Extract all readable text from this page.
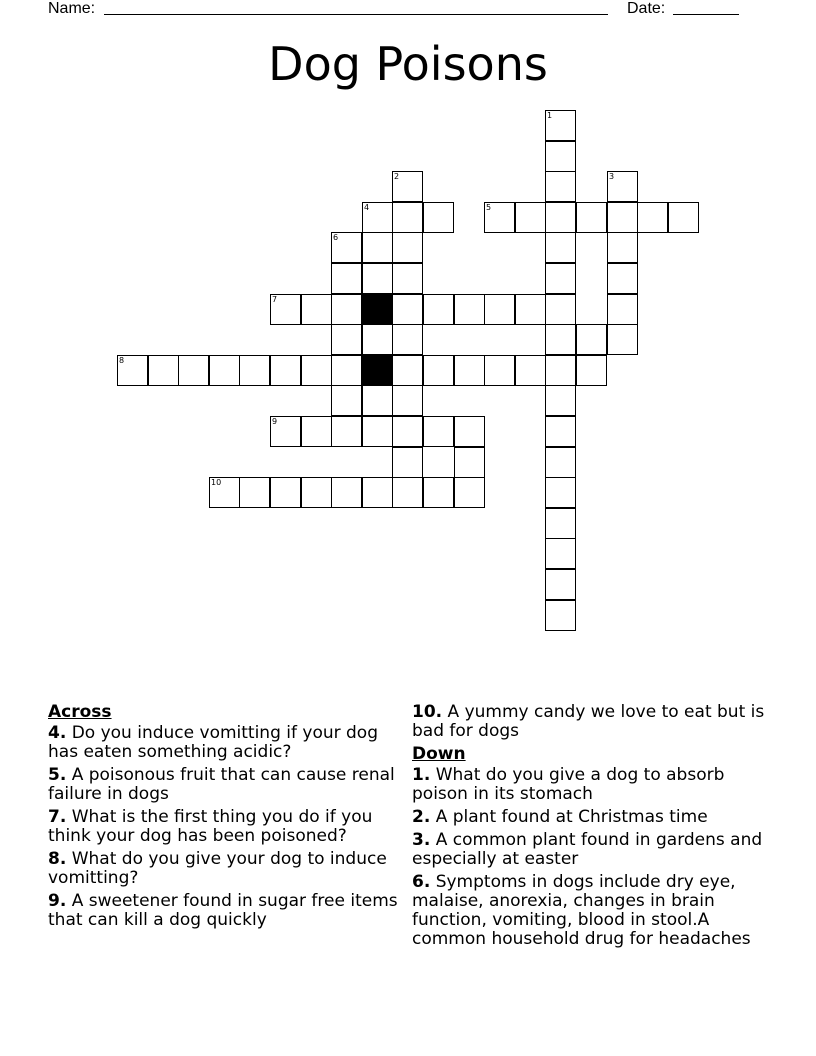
Name:	Date:
Dog Poisons
1
2	3
4	5
6
7
8
9
10
Across
4. Do you induce vomitting if your dog has eaten something acidic?
5. A poisonous fruit that can cause renal failure in dogs
7. What is the first thing you do if you think your dog has been poisoned?
8. What do you give your dog to induce vomitting?
9. A sweetener found in sugar free items that can kill a dog quickly
10. A yummy candy we love to eat but is bad for dogs
Down
1. What do you give a dog to absorb poison in its stomach
2. A plant found at Christmas time
3. A common plant found in gardens and especially at easter
6. Symptoms in dogs include dry eye, malaise, anorexia, changes in brain function, vomiting, blood in stool.A common household drug for headaches
